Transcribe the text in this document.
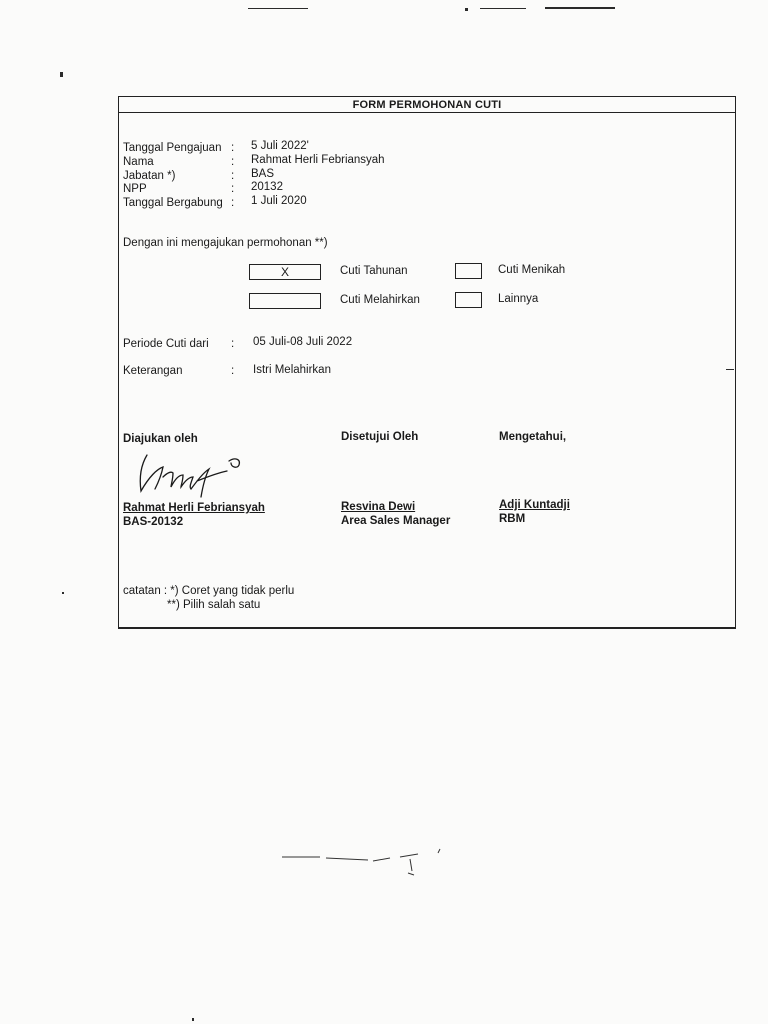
FORM PERMOHONAN CUTI
Tanggal Pengajuan : 5 Juli 2022'
Nama	: Rahmat Herli Febriansyah
Jabatan *)	: BAS
NPP	: 20132
Tanggal Bergabung : 1 Juli 2020
Dengan ini mengajukan permohonan **)
X	Cuti Tahunan	Cuti Menikah
Cuti Melahirkan	Lainnya
Periode Cuti dari : 05 Juli-08 Juli 2022
Keterangan	: Istri Melahirkan
Diajukan oleh	Disetujui Oleh	Mengetahui,
Rahmat Herli Febriansyah
BAS-20132
Resvina Dewi
Area Sales Manager
Adji Kuntadji
RBM
catatan : *) Coret yang tidak perlu
**) Pilih salah satu
